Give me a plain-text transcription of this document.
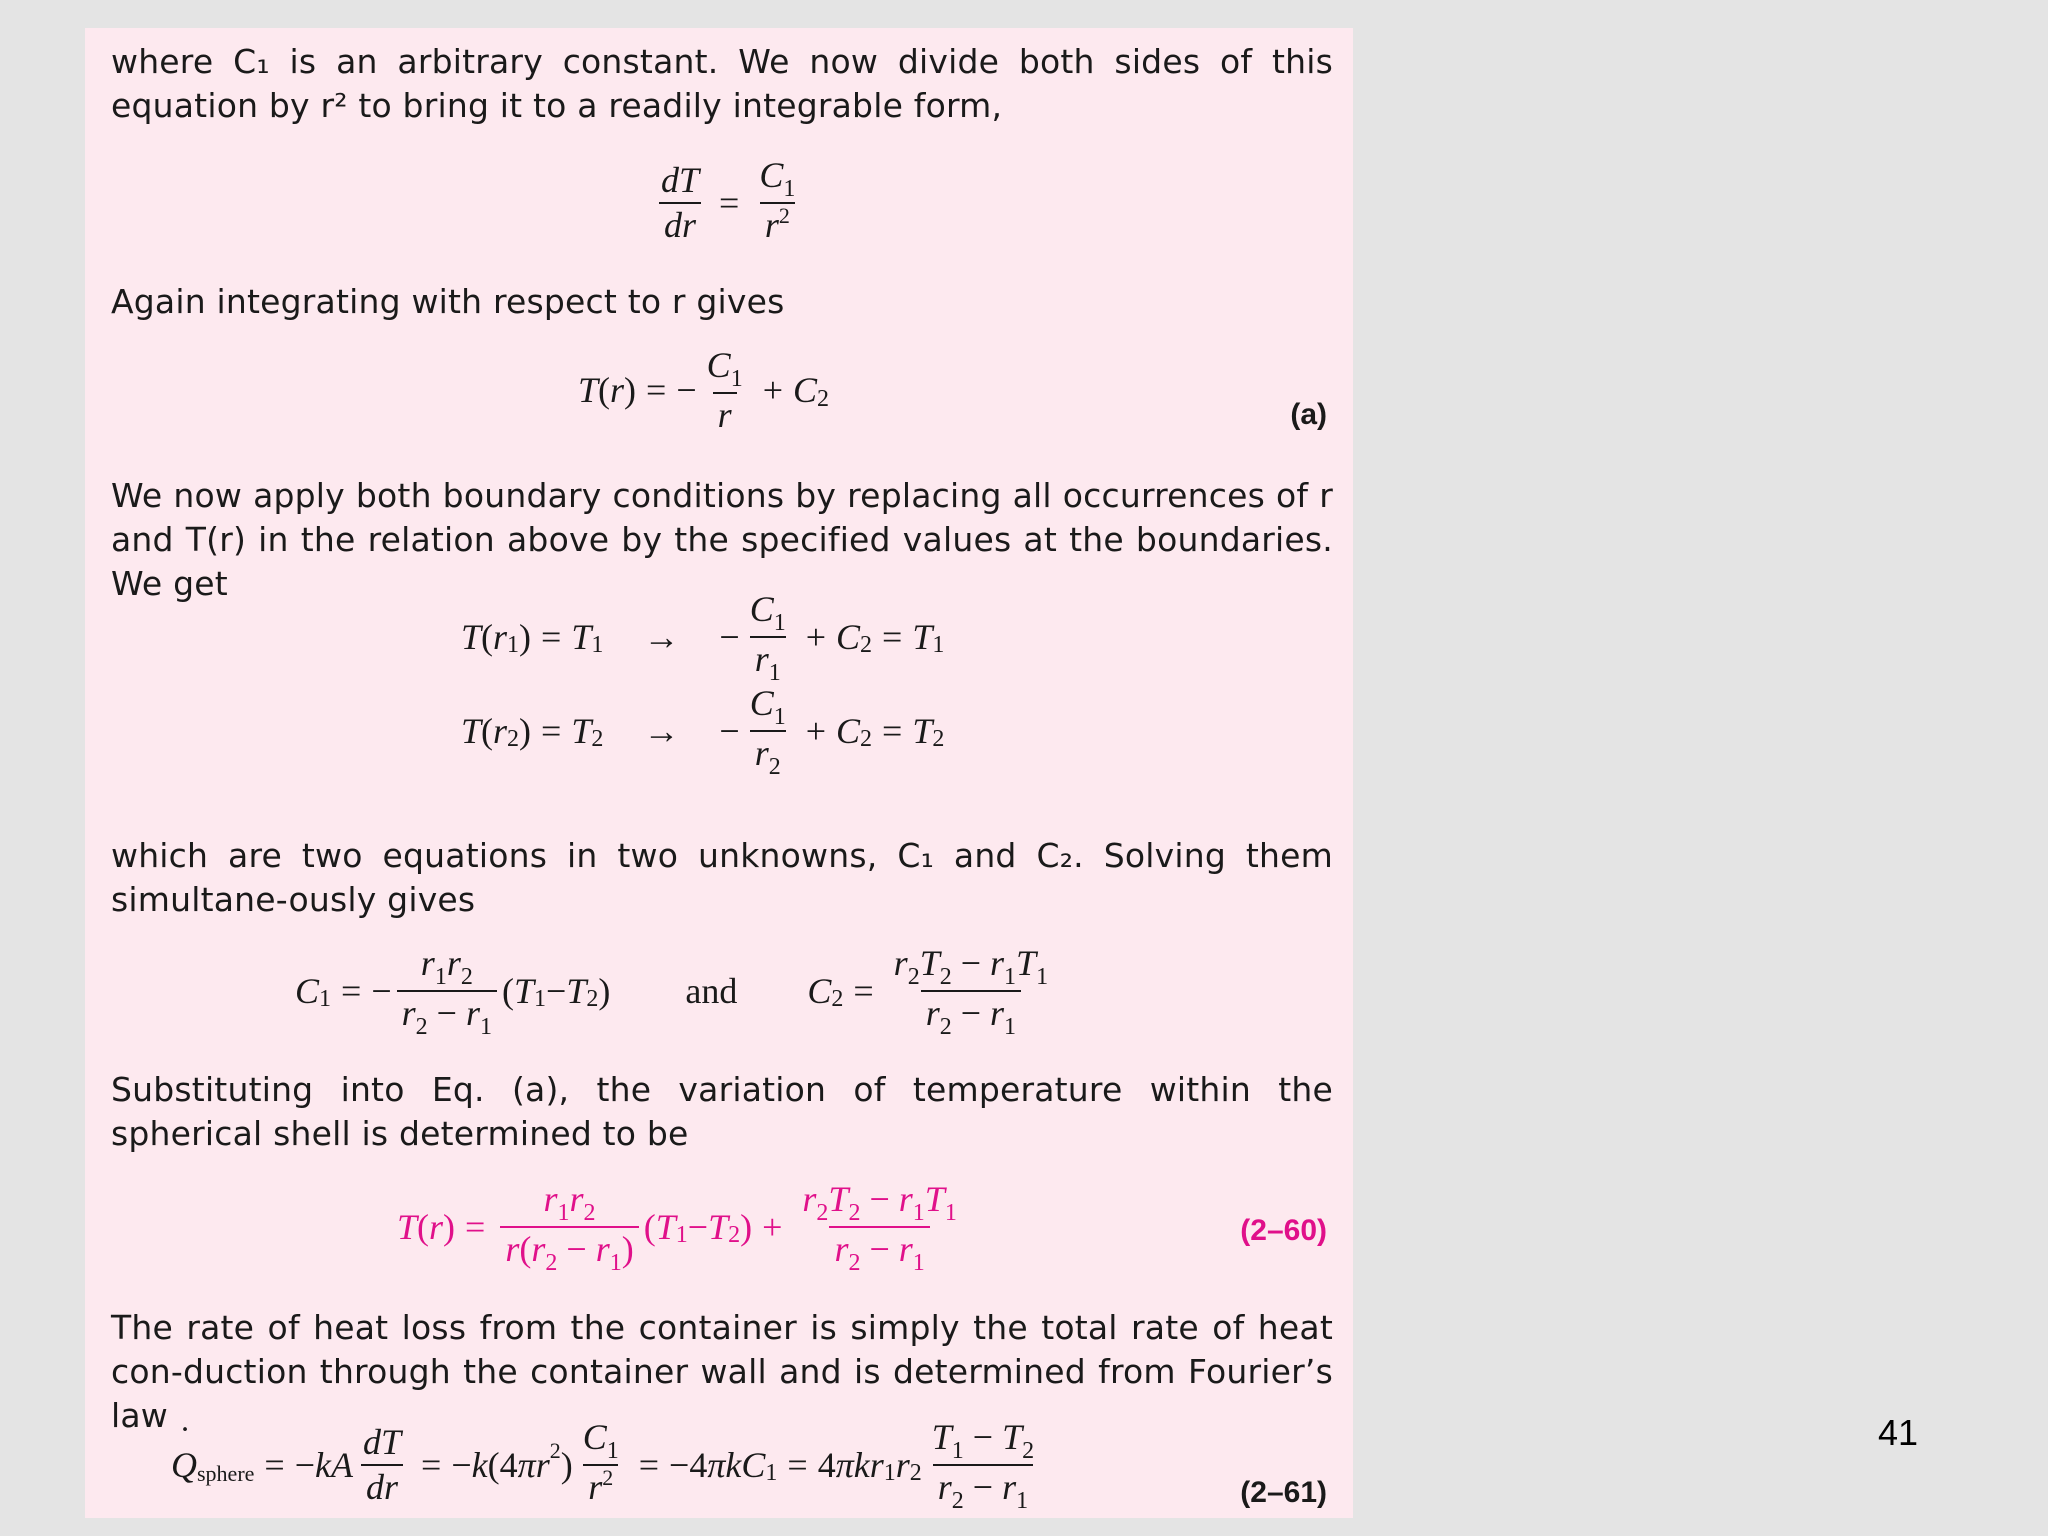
where C₁ is an arbitrary constant. We now divide both sides of this equation by r² to bring it to a readily integrable form,
$\frac{dT}{dr} = \frac{C_1}{r^2}$
Again integrating with respect to r gives
T ( r ) = − $\frac{C_1}{r} + C$ 2	(a)
We now apply both boundary conditions by replacing all occurrences of r and T(r) in the relation above by the specified values at the boundaries. We get
T ( r 1 ) = T 1 → − $\frac{C_1}{r_1} + C$ 2 = T 1
T ( r 2 ) = T 2 → − $\frac{C_1}{r_2} + C$ 2 = T 2
which are two equations in two unknowns, C₁ and C₂. Solving them simultane-ously gives
C 1 = − $\frac{r_1r_2}{r_2 - r_1}$ ( T 1 − T 2 ) and C $2 = \frac{r_2T_2 - r_1T_1}{r_2 - r_1}$
Substituting into Eq. (a), the variation of temperature within the spherical shell is determined to be
T ( r ) = $\frac{r_1r_2}{r(r_2 - r_1)}$ ( T 1 − T 2 ) + $\frac{r_2T_2 - r_1T_1}{r_2 - r_1}$	(2–60)
The rate of heat loss from the container is simply the total rate of heat con-duction through the container wall and is determined from Fourier’s law
˙ Q sphere = − kA $\frac{dT}{dr}$ = − k (4 πr 2 ) $\frac{C_1}{r^2} = -4$ πkC 1 = 4 πkr 1 r $2 \frac{T_1 - T_2}{r_2 - r_1}$	(2–61)
41
